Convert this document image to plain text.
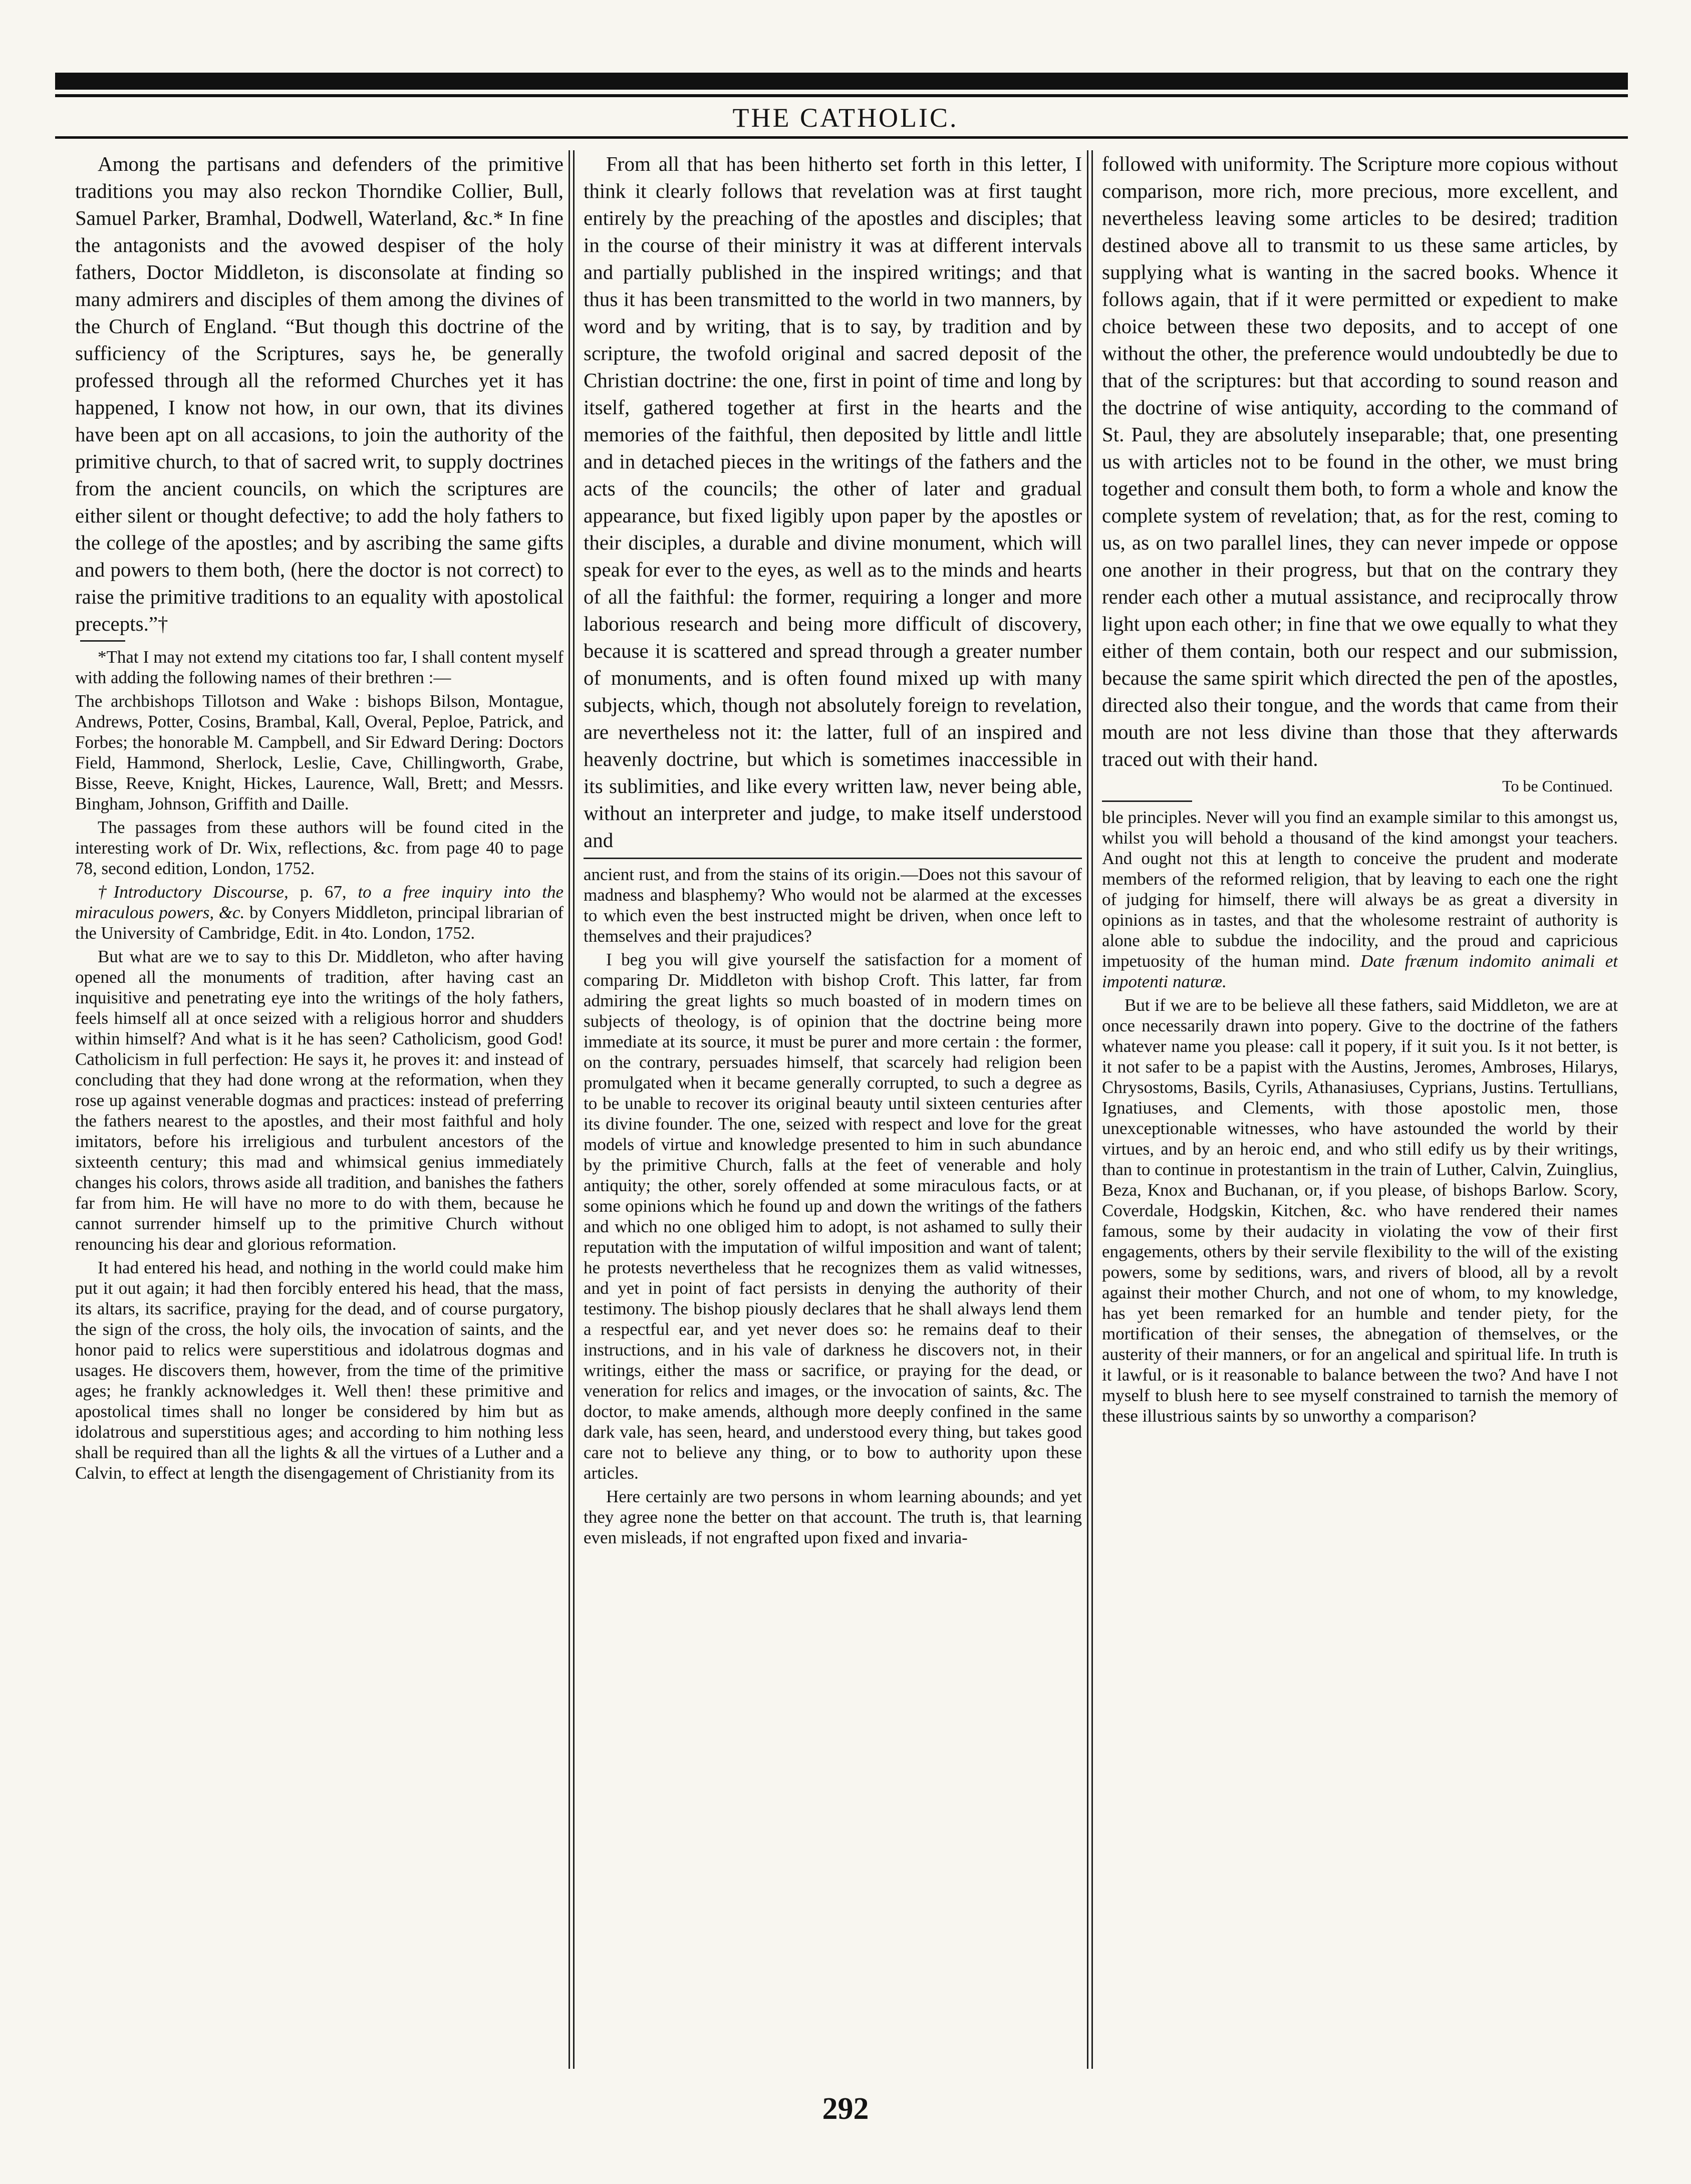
THE CATHOLIC.

Among the partisans and defenders of the primitive traditions you may also reckon Thorndike Collier, Bull, Samuel Parker, Bramhal, Dodwell, Waterland, &c.* In fine the antagonists and the avowed despiser of the holy fathers, Doctor Middleton, is disconsolate at finding so many admirers and disciples of them among the divines of the Church of England. “But though this doctrine of the sufficiency of the Scriptures, says he, be generally professed through all the reformed Churches yet it has happened, I know not how, in our own, that its divines have been apt on all accasions, to join the authority of the primitive church, to that of sacred writ, to supply doctrines from the ancient councils, on which the scriptures are either silent or thought defective; to add the holy fathers to the college of the apostles; and by ascribing the same gifts and powers to them both, (here the doctor is not correct) to raise the primitive traditions to an equality with apostolical precepts.”†

*That I may not extend my citations too far, I shall content myself with adding the following names of their brethren :—

The archbishops Tillotson and Wake : bishops Bilson, Montague, Andrews, Potter, Cosins, Brambal, Kall, Overal, Peploe, Patrick, and Forbes; the honorable M. Campbell, and Sir Edward Dering: Doctors Field, Hammond, Sherlock, Leslie, Cave, Chillingworth, Grabe, Bisse, Reeve, Knight, Hickes, Laurence, Wall, Brett; and Messrs. Bingham, Johnson, Griffith and Daille.

The passages from these authors will be found cited in the interesting work of Dr. Wix, reflections, &c. from page 40 to page 78, second edition, London, 1752.

†Introductory Discourse, p. 67, to a free inquiry into the miraculous powers, &c. by Conyers Middleton, principal librarian of the University of Cambridge, Edit. in 4to. London, 1752.

But what are we to say to this Dr. Middleton, who after having opened all the monuments of tradition, after having cast an inquisitive and penetrating eye into the writings of the holy fathers, feels himself all at once seized with a religious horror and shudders within himself? And what is it he has seen? Catholicism, good God! Catholicism in full perfection: He says it, he proves it: and instead of concluding that they had done wrong at the reformation, when they rose up against venerable dogmas and practices: instead of preferring the fathers nearest to the apostles, and their most faithful and holy imitators, before his irreligious and turbulent ancestors of the sixteenth century; this mad and whimsical genius immediately changes his colors, throws aside all tradition, and banishes the fathers far from him. He will have no more to do with them, because he cannot surrender himself up to the primitive Church without renouncing his dear and glorious reformation.

It had entered his head, and nothing in the world could make him put it out again; it had then forcibly entered his head, that the mass, its altars, its sacrifice, praying for the dead, and of course purgatory, the sign of the cross, the holy oils, the invocation of saints, and the honor paid to relics were superstitious and idolatrous dogmas and usages. He discovers them, however, from the time of the primitive ages; he frankly acknowledges it. Well then! these primitive and apostolical times shall no longer be considered by him but as idolatrous and superstitious ages; and according to him nothing less shall be required than all the lights & all the virtues of a Luther and a Calvin, to effect at length the disengagement of Christianity from its

From all that has been hitherto set forth in this letter, I think it clearly follows that revelation was at first taught entirely by the preaching of the apostles and disciples; that in the course of their ministry it was at different intervals and partially published in the inspired writings; and that thus it has been transmitted to the world in two manners, by word and by writing, that is to say, by tradition and by scripture, the twofold original and sacred deposit of the Christian doctrine: the one, first in point of time and long by itself, gathered together at first in the hearts and the memories of the faithful, then deposited by little andl little and in detached pieces in the writings of the fathers and the acts of the councils; the other of later and gradual appearance, but fixed ligibly upon paper by the apostles or their disciples, a durable and divine monument, which will speak for ever to the eyes, as well as to the minds and hearts of all the faithful: the former, requiring a longer and more laborious research and being more difficult of discovery, because it is scattered and spread through a greater number of monuments, and is often found mixed up with many subjects, which, though not absolutely foreign to revelation, are nevertheless not it: the latter, full of an inspired and heavenly doctrine, but which is sometimes inaccessible in its sublimities, and like every written law, never being able, without an interpreter and judge, to make itself understood and

ancient rust, and from the stains of its origin.—Does not this savour of madness and blasphemy? Who would not be alarmed at the excesses to which even the best instructed might be driven, when once left to themselves and their prajudices?

I beg you will give yourself the satisfaction for a moment of comparing Dr. Middleton with bishop Croft. This latter, far from admiring the great lights so much boasted of in modern times on subjects of theology, is of opinion that the doctrine being more immediate at its source, it must be purer and more certain : the former, on the contrary, persuades himself, that scarcely had religion been promulgated when it became generally corrupted, to such a degree as to be unable to recover its original beauty until sixteen centuries after its divine founder. The one, seized with respect and love for the great models of virtue and knowledge presented to him in such abundance by the primitive Church, falls at the feet of venerable and holy antiquity; the other, sorely offended at some miraculous facts, or at some opinions which he found up and down the writings of the fathers and which no one obliged him to adopt, is not ashamed to sully their reputation with the imputation of wilful imposition and want of talent; he protests nevertheless that he recognizes them as valid witnesses, and yet in point of fact persists in denying the authority of their testimony. The bishop piously declares that he shall always lend them a respectful ear, and yet never does so: he remains deaf to their instructions, and in his vale of darkness he discovers not, in their writings, either the mass or sacrifice, or praying for the dead, or veneration for relics and images, or the invocation of saints, &c. The doctor, to make amends, although more deeply confined in the same dark vale, has seen, heard, and understood every thing, but takes good care not to believe any thing, or to bow to authority upon these articles.

Here certainly are two persons in whom learning abounds; and yet they agree none the better on that account. The truth is, that learning even misleads, if not engrafted upon fixed and invaria-

followed with uniformity. The Scripture more copious without comparison, more rich, more precious, more excellent, and nevertheless leaving some articles to be desired; tradition destined above all to transmit to us these same articles, by supplying what is wanting in the sacred books. Whence it follows again, that if it were permitted or expedient to make choice between these two deposits, and to accept of one without the other, the preference would undoubtedly be due to that of the scriptures: but that according to sound reason and the doctrine of wise antiquity, according to the command of St. Paul, they are absolutely inseparable; that, one presenting us with articles not to be found in the other, we must bring together and consult them both, to form a whole and know the complete system of revelation; that, as for the rest, coming to us, as on two parallel lines, they can never impede or oppose one another in their progress, but that on the contrary they render each other a mutual assistance, and reciprocally throw light upon each other; in fine that we owe equally to what they either of them contain, both our respect and our submission, because the same spirit which directed the pen of the apostles, directed also their tongue, and the words that came from their mouth are not less divine than those that they afterwards traced out with their hand.

To be Continued.

ble principles. Never will you find an example similar to this amongst us, whilst you will behold a thousand of the kind amongst your teachers. And ought not this at length to conceive the prudent and moderate members of the reformed religion, that by leaving to each one the right of judging for himself, there will always be as great a diversity in opinions as in tastes, and that the wholesome restraint of authority is alone able to subdue the indocility, and the proud and capricious impetuosity of the human mind. Date frænum indomito animali et impotenti naturæ.

But if we are to be believe all these fathers, said Middleton, we are at once necessarily drawn into popery. Give to the doctrine of the fathers whatever name you please: call it popery, if it suit you. Is it not better, is it not safer to be a papist with the Austins, Jeromes, Ambroses, Hilarys, Chrysostoms, Basils, Cyrils, Athanasiuses, Cyprians, Justins. Tertullians, Ignatiuses, and Clements, with those apostolic men, those unexceptionable witnesses, who have astounded the world by their virtues, and by an heroic end, and who still edify us by their writings, than to continue in protestantism in the train of Luther, Calvin, Zuinglius, Beza, Knox and Buchanan, or, if you please, of bishops Barlow. Scory, Coverdale, Hodgskin, Kitchen, &c. who have rendered their names famous, some by their audacity in violating the vow of their first engagements, others by their servile flexibility to the will of the existing powers, some by seditions, wars, and rivers of blood, all by a revolt against their mother Church, and not one of whom, to my knowledge, has yet been remarked for an humble and tender piety, for the mortification of their senses, the abnegation of themselves, or the austerity of their manners, or for an angelical and spiritual life. In truth is it lawful, or is it reasonable to balance between the two? And have I not myself to blush here to see myself constrained to tarnish the memory of these illustrious saints by so unworthy a comparison?

292
